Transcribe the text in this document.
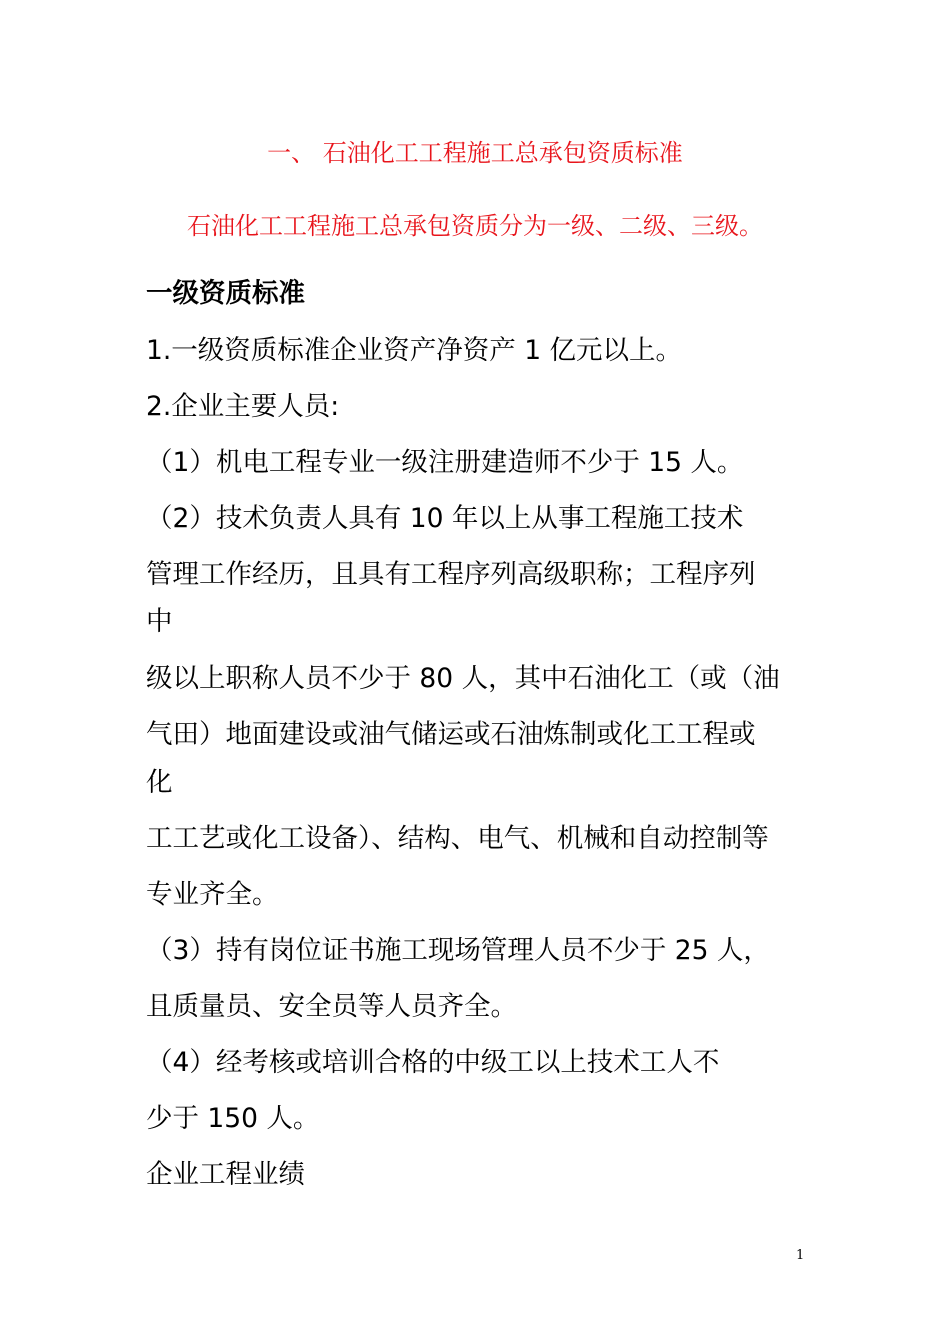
一、 石油化工工程施工总承包资质标准
石油化工工程施工总承包资质分为一级、二级、三级。
一级资质标准
1.一级资质标准企业资产净资产 1 亿元以上。
2.企业主要人员:
（1）机电工程专业一级注册建造师不少于 15 人。
（2）技术负责人具有 10 年以上从事工程施工技术
管理工作经历，且具有工程序列高级职称；工程序列
中
级以上职称人员不少于 80 人，其中石油化工（或（油
气田）地面建设或油气储运或石油炼制或化工工程或
化
工工艺或化工设备）、结构、电气、机械和自动控制等
专业齐全。
（3）持有岗位证书施工现场管理人员不少于 25 人，
且质量员、安全员等人员齐全。
（4）经考核或培训合格的中级工以上技术工人不
少于 150 人。
企业工程业绩
1
